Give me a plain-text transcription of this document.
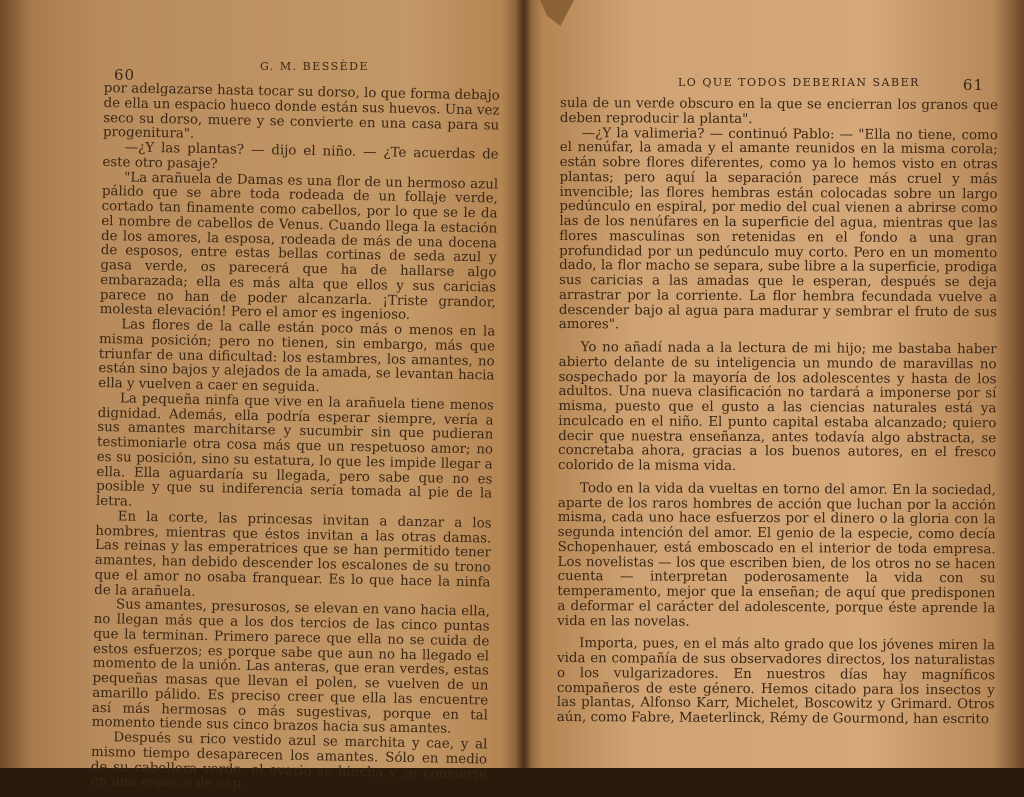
60	G. M. BESSÈDE

por adelgazarse hasta tocar su dorso, lo que forma debajo de ella un espacio hueco donde están sus huevos. Una vez seco su dorso, muere y se convierte en una casa para su progenitura".

—¿Y las plantas? — dijo el niño. — ¿Te acuerdas de este otro pasaje?

"La arañuela de Damas es una flor de un hermoso azul pálido que se abre toda rodeada de un follaje verde, cortado tan finamente como cabellos, por lo que se le da el nombre de cabellos de Venus. Cuando llega la estación de los amores, la esposa, rodeada de más de una docena de esposos, entre estas bellas cortinas de seda azul y gasa verde, os parecerá que ha de hallarse algo embarazada; ella es más alta que ellos y sus caricias parece no han de poder alcanzarla. ¡Triste grandor, molesta elevación! Pero el amor es ingenioso.

Las flores de la calle están poco más o menos en la misma posición; pero no tienen, sin embargo, más que triunfar de una dificultad: los estambres, los amantes, no están sino bajos y alejados de la amada, se levantan hacia ella y vuelven a caer en seguida.

La pequeña ninfa que vive en la arañuela tiene menos dignidad. Además, ella podría esperar siempre, vería a sus amantes marchitarse y sucumbir sin que pudieran testimoniarle otra cosa más que un respetuoso amor; no es su posición, sino su estatura, lo que les impide llegar a ella. Ella aguardaría su llegada, pero sabe que no es posible y que su indiferencia sería tomada al pie de la letra.

En la corte, las princesas invitan a danzar a los hombres, mientras que éstos invitan a las otras damas. Las reinas y las emperatrices que se han permitido tener amantes, han debido descender los escalones de su trono que el amor no osaba franquear. Es lo que hace la ninfa de la arañuela.

Sus amantes, presurosos, se elevan en vano hacia ella, no llegan más que a los dos tercios de las cinco puntas que la terminan. Primero parece que ella no se cuida de estos esfuerzos; es porque sabe que aun no ha llegado el momento de la unión. Las anteras, que eran verdes, estas pequeñas masas que llevan el polen, se vuelven de un amarillo pálido. Es preciso creer que ella las encuentre así más hermosas o más sugestivas, porque en tal momento tiende sus cinco brazos hacia sus amantes.

Después su rico vestido azul se marchita y cae, y al mismo tiempo desaparecen los amantes. Sólo en medio de su cabellera verde, el ovario se hincha y se convierte en una especie de cáp-

LO QUE TODOS DEBERIAN SABER	61

sula de un verde obscuro en la que se encierran los granos que deben reproducir la planta".

—¿Y la valimeria? — continuó Pablo: — "Ella no tiene, como el nenúfar, la amada y el amante reunidos en la misma corola; están sobre flores diferentes, como ya lo hemos visto en otras plantas; pero aquí la separación parece más cruel y más invencible; las flores hembras están colocadas sobre un largo pedúnculo en espiral, por medio del cual vienen a abrirse como las de los nenúfares en la superficie del agua, mientras que las flores masculinas son retenidas en el fondo a una gran profundidad por un pedúnculo muy corto. Pero en un momento dado, la flor macho se separa, sube libre a la superficie, prodiga sus caricias a las amadas que le esperan, después se deja arrastrar por la corriente. La flor hembra fecundada vuelve a descender bajo al agua para madurar y sembrar el fruto de sus amores".

Yo no añadí nada a la lectura de mi hijo; me bastaba haber abierto delante de su inteligencia un mundo de maravillas no sospechado por la mayoría de los adolescentes y hasta de los adultos. Una nueva clasificación no tardará a imponerse por sí misma, puesto que el gusto a las ciencias naturales está ya inculcado en el niño. El punto capital estaba alcanzado; quiero decir que nuestra enseñanza, antes todavía algo abstracta, se concretaba ahora, gracias a los buenos autores, en el fresco colorido de la misma vida.

Todo en la vida da vueltas en torno del amor. En la sociedad, aparte de los raros hombres de acción que luchan por la acción misma, cada uno hace esfuerzos por el dinero o la gloria con la segunda intención del amor. El genio de la especie, como decía Schopenhauer, está emboscado en el interior de toda empresa. Los novelistas — los que escriben bien, de los otros no se hacen cuenta — interpretan poderosamente la vida con su temperamento, mejor que la enseñan; de aquí que predisponen a deformar el carácter del adolescente, porque éste aprende la vida en las novelas.

Importa, pues, en el más alto grado que los jóvenes miren la vida en compañía de sus observadores directos, los naturalistas o los vulgarizadores. En nuestros días hay magníficos compañeros de este género. Hemos citado para los insectos y las plantas, Alfonso Karr, Michelet, Boscowitz y Grimard. Otros aún, como Fabre, Maeterlinck, Rémy de Gourmond, han escrito
